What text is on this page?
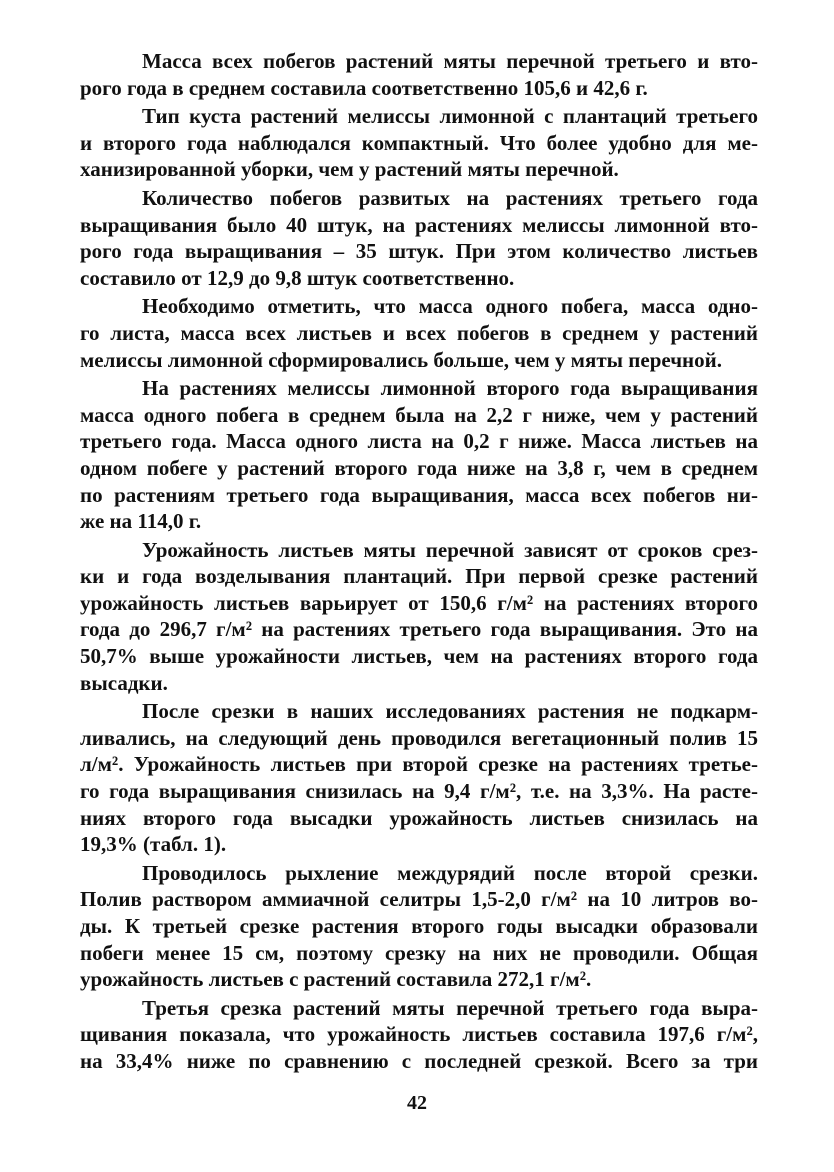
Масса всех побегов растений мяты перечной третьего и вто-
рого года в среднем составила соответственно 105,6 и 42,6 г.

Тип куста растений мелиссы лимонной с плантаций третьего
и второго года наблюдался компактный. Что более удобно для ме-
ханизированной уборки, чем у растений мяты перечной.

Количество побегов развитых на растениях третьего года
выращивания было 40 штук, на растениях мелиссы лимонной вто-
рого года выращивания – 35 штук. При этом количество листьев
составило от 12,9 до 9,8 штук соответственно.

Необходимо отметить, что масса одного побега, масса одно-
го листа, масса всех листьев и всех побегов в среднем у растений
мелиссы лимонной сформировались больше, чем у мяты перечной.

На растениях мелиссы лимонной второго года выращивания
масса одного побега в среднем была на 2,2 г ниже, чем у растений
третьего года. Масса одного листа на 0,2 г ниже. Масса листьев на
одном побеге у растений второго года ниже на 3,8 г, чем в среднем
по растениям третьего года выращивания, масса всех побегов ни-
же на 114,0 г.

Урожайность листьев мяты перечной зависят от сроков срез-
ки и года возделывания плантаций. При первой срезке растений
урожайность листьев варьирует от 150,6 г/м² на растениях второго
года до 296,7 г/м² на растениях третьего года выращивания. Это на
50,7% выше урожайности листьев, чем на растениях второго года
высадки.

После срезки в наших исследованиях растения не подкарм-
ливались, на следующий день проводился вегетационный полив 15
л/м². Урожайность листьев при второй срезке на растениях третье-
го года выращивания снизилась на 9,4 г/м², т.е. на 3,3%. На расте-
ниях второго года высадки урожайность листьев снизилась на
19,3% (табл. 1).

Проводилось рыхление междурядий после второй срезки.
Полив раствором аммиачной селитры 1,5-2,0 г/м² на 10 литров во-
ды. К третьей срезке растения второго годы высадки образовали
побеги менее 15 см, поэтому срезку на них не проводили. Общая
урожайность листьев с растений составила 272,1 г/м².

Третья срезка растений мяты перечной третьего года выра-
щивания показала, что урожайность листьев составила 197,6 г/м²,
на 33,4% ниже по сравнению с последней срезкой. Всего за три

42
